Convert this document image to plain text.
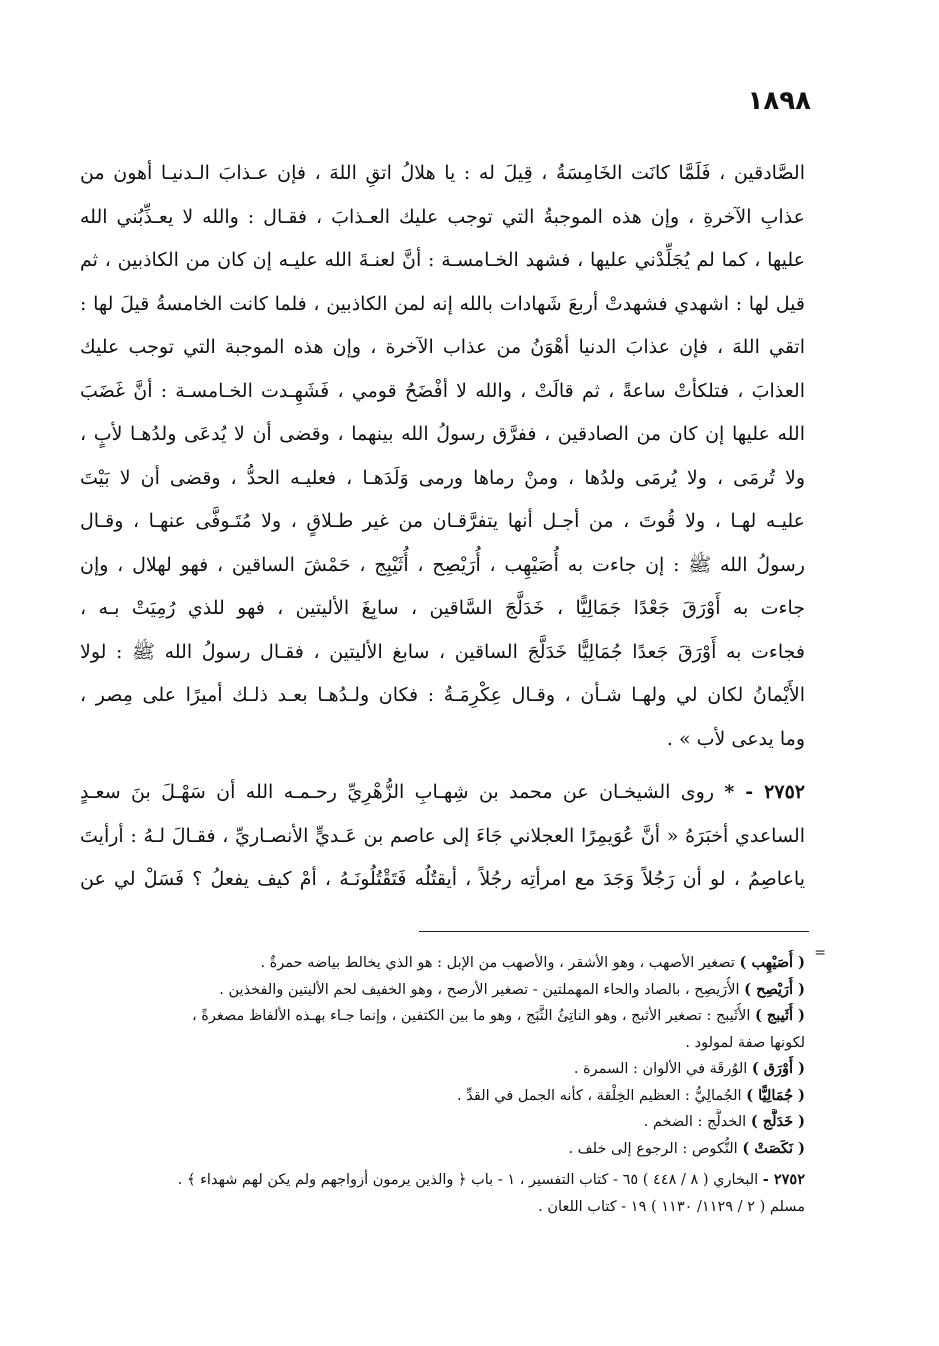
١٨٩٨
الصَّادقين ، فَلَمَّا كانَت الخَامِسَةُ ، قِيلَ له : يا هلالُ اتقِ اللهَ ، فإن عـذابَ الـدنيـا أهون من
عذابِ الآخرةِ ، وإن هذه الموجبةُ التي توجب عليك العـذابَ ، فقـال : والله لا يعـذِّبُني الله
عليها ، كما لم يُجَلِّدْني عليها ، فشهد الخـامسـة : أنَّ لعنـةَ الله عليـه إن كان من الكاذبين ، ثم
قيل لها : اشهدي فشهدتْ أربعَ شَهادات بالله إنه لمن الكاذبين ، فلما كانت الخامسةُ قيلَ لها :
اتقي اللهَ ، فإن عذابَ الدنيا أهْوَنُ من عذاب الآخرة ، وإن هذه الموجبة التي توجب عليك
العذابَ ، فتلكأتْ ساعةً ، ثم قالَتْ ، والله لا أفْضَحُ قومي ، فَشَهِـدت الخـامسـة : أنَّ غَضَبَ
الله عليها إن كان من الصادقين ، ففرَّق رسولُ الله بينهما ، وقضى أن لا يُدعَى ولدُهـا لأبٍ ،
ولا تُرمَى ، ولا يُرمَى ولدُها ، ومنْ رماها ورمى وَلَدَهـا ، فعليـه الحدُّ ، وقضى أن لا بَيْتَ
عليـه لهـا ، ولا قُوتَ ، من أجـل أنها يتفرَّقـان من غير طـلاقٍ ، ولا مُتَـوفَّى عنهـا ، وقـال
رسولُ الله ﷺ : إن جاءت به أُصَيْهِب ، أُرَيْصِح ، أُثَيْبِج ، حَمْشَ الساقين ، فهو لهلال ، وإن
جاءت به أَوْرَقَ جَعْدًا جَمَالِيًّا ، خَدَلَّجَ السَّاقين ، سابِغَ الأليتين ، فهو للذي رُمِيَتْ بـه ،
فجاءت به أَوْرَقَ جَعدًا جُمَالِيًّا خَدَلَّجَ الساقين ، سابغ الأليتين ، فقـال رسولُ الله ﷺ : لولا
الأَيْمانُ لكان لي ولهـا شـأن ، وقـال عِكْرِمَـةُ : فكان ولـدُهـا بعـد ذلـك أميرًا على مِصر ،
وما يدعى لأب » .
٢٧٥٢ - * روى الشيخـان عن محمد بن شِهـابِ الزُّهْرِيِّ رحـمـه الله أن سَهْـلَ بنَ سعـدٍ
الساعدي أخبَرَهُ « أنَّ عُوَيمِرًا العجلاني جَاءَ إلى عاصم بن عَـديٍّ الأنصـاريِّ ، فقـالَ لـهُ : أرأيتَ
ياعاصِمُ ، لو أن رَجُلاً وَجَدَ مع امرأتِه رجُلاً ، أيقتُلُه فَتَقْتُلُونَـهُ ، أمْ كيف يفعلُ ؟ فَسَلْ لي عن
=
( أُصَيْهِب ) تصغير الأصهب ، وهو الأشقر ، والأصهب من الإبل : هو الذي يخالط بياضه حمرةٌ .
( أُرَيْصِح ) الأُرَيصِح ، بالصاد والحاء المهملتين - تصغير الأرصح ، وهو الخفيف لحم الأليتين والفخذين .
( أُثَيبج ) الأُثَيبج : تصغير الأثبج ، وهو الناتِئُ الثَّبَج ، وهو ما بين الكتفين ، وإنما جـاء بهـذه الألفاظ مصغرةً ،
لكونها صفة لمولود .
( أَوْرَق ) الوُرقَة في الألوان : السمرة .
( جُمَالِيًّا ) الجُمالِيُّ : العظيم الخِلْقة ، كأنه الجمل في القدِّ .
( خَدَلَّج ) الخدلَّج : الضخم .
( نَكَصَتْ ) النُّكوص : الرجوع إلى خلف .
٢٧٥٢ - البخاري ( ٨ / ٤٤٨ ) ٦٥ - كتاب التفسير ، ١ - باب ﴿ والذين يرمون أزواجهم ولم يكن لهم شهداء ﴾ .
مسلم ( ٢ / ١١٢٩/ ١١٣٠ ) ١٩ - كتاب اللعان .
